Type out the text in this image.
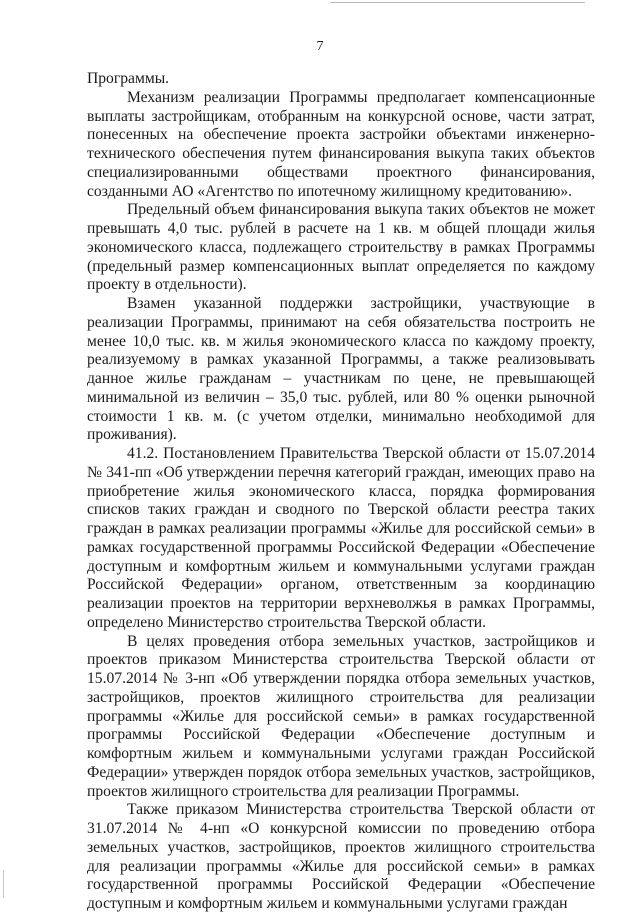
7

Программы.

Механизм реализации Программы предполагает компенсационные выплаты застройщикам, отобранным на конкурсной основе, части затрат, понесенных на обеспечение проекта застройки объектами инженерно-технического обеспечения путем финансирования выкупа таких объектов специализированными обществами проектного финансирования, созданными АО «Агентство по ипотечному жилищному кредитованию».

Предельный объем финансирования выкупа таких объектов не может превышать 4,0 тыс. рублей в расчете на 1 кв. м общей площади жилья экономического класса, подлежащего строительству в рамках Программы (предельный размер компенсационных выплат определяется по каждому проекту в отдельности).

Взамен указанной поддержки застройщики, участвующие в реализации Программы, принимают на себя обязательства построить не менее 10,0 тыс. кв. м жилья экономического класса по каждому проекту, реализуемому в рамках указанной Программы, а также реализовывать данное жилье гражданам – участникам по цене, не превышающей минимальной из величин – 35,0 тыс. рублей, или 80 % оценки рыночной стоимости 1 кв. м. (с учетом отделки, минимально необходимой для проживания).

41.2. Постановлением Правительства Тверской области от 15.07.2014 № 341-пп «Об утверждении перечня категорий граждан, имеющих право на приобретение жилья экономического класса, порядка формирования списков таких граждан и сводного по Тверской области реестра таких граждан в рамках реализации программы «Жилье для российской семьи» в рамках государственной программы Российской Федерации «Обеспечение доступным и комфортным жильем и коммунальными услугами граждан Российской Федерации» органом, ответственным за координацию реализации проектов на территории верхневолжья в рамках Программы, определено Министерство строительства Тверской области.

В целях проведения отбора земельных участков, застройщиков и проектов приказом Министерства строительства Тверской области от 15.07.2014 № 3-нп «Об утверждении порядка отбора земельных участков, застройщиков, проектов жилищного строительства для реализации программы «Жилье для российской семьи» в рамках государственной программы Российской Федерации «Обеспечение доступным и комфортным жильем и коммунальными услугами граждан Российской Федерации» утвержден порядок отбора земельных участков, застройщиков, проектов жилищного строительства для реализации Программы.

Также приказом Министерства строительства Тверской области от 31.07.2014 № 4-нп «О конкурсной комиссии по проведению отбора земельных участков, застройщиков, проектов жилищного строительства для реализации программы «Жилье для российской семьи» в рамках государственной программы Российской Федерации «Обеспечение доступным и комфортным жильем и коммунальными услугами граждан
